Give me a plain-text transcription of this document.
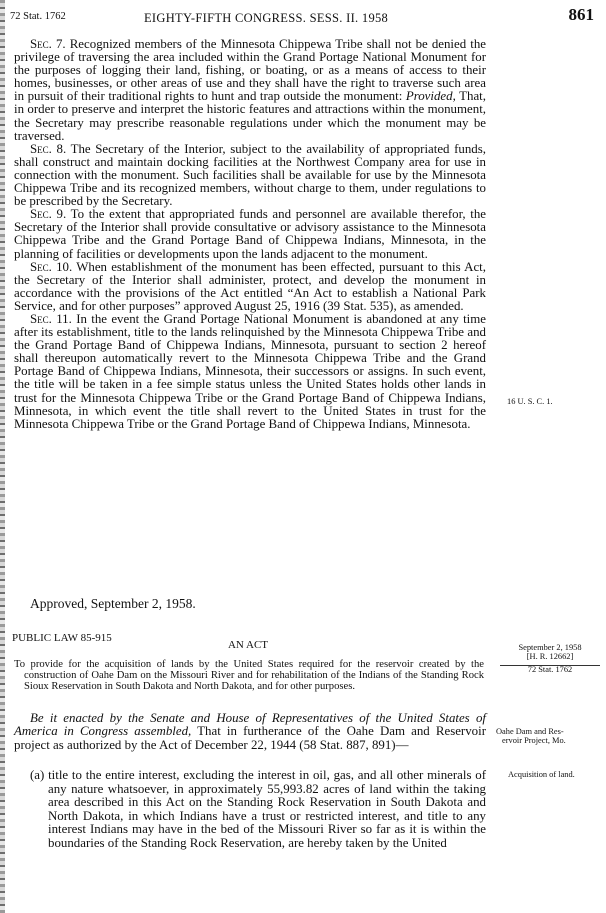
72 Stat. 1762	EIGHTY-FIFTH CONGRESS. SESS. II. 1958	861

Sec. 7. Recognized members of the Minnesota Chippewa Tribe shall not be denied the privilege of traversing the area included within the Grand Portage National Monument for the purposes of logging their land, fishing, or boating, or as a means of access to their homes, businesses, or other areas of use and they shall have the right to traverse such area in pursuit of their traditional rights to hunt and trap outside the monument: Provided, That, in order to preserve and interpret the historic features and attractions within the monument, the Secretary may prescribe reasonable regulations under which the monument may be traversed.

Sec. 8. The Secretary of the Interior, subject to the availability of appropriated funds, shall construct and maintain docking facilities at the Northwest Company area for use in connection with the monument. Such facilities shall be available for use by the Minnesota Chippewa Tribe and its recognized members, without charge to them, under regulations to be prescribed by the Secretary.

Sec. 9. To the extent that appropriated funds and personnel are available therefor, the Secretary of the Interior shall provide consultative or advisory assistance to the Minnesota Chippewa Tribe and the Grand Portage Band of Chippewa Indians, Minnesota, in the planning of facilities or developments upon the lands adjacent to the monument.

Sec. 10. When establishment of the monument has been effected, pursuant to this Act, the Secretary of the Interior shall administer, protect, and develop the monument in accordance with the provisions of the Act entitled “An Act to establish a National Park Service, and for other purposes” approved August 25, 1916 (39 Stat. 535), as amended.

Sec. 11. In the event the Grand Portage National Monument is abandoned at any time after its establishment, title to the lands relinquished by the Minnesota Chippewa Tribe and the Grand Portage Band of Chippewa Indians, Minnesota, pursuant to section 2 hereof shall thereupon automatically revert to the Minnesota Chippewa Tribe and the Grand Portage Band of Chippewa Indians, Minnesota, their successors or assigns. In such event, the title will be taken in a fee simple status unless the United States holds other lands in trust for the Minnesota Chippewa Tribe or the Grand Portage Band of Chippewa Indians, Minnesota, in which event the title shall revert to the United States in trust for the Minnesota Chippewa Tribe or the Grand Portage Band of Chippewa Indians, Minnesota.

Approved, September 2, 1958.
PUBLIC LAW 85-915
AN ACT

To provide for the acquisition of lands by the United States required for the reservoir created by the construction of Oahe Dam on the Missouri River and for rehabilitation of the Indians of the Standing Rock Sioux Reservation in South Dakota and North Dakota, and for other purposes.

Be it enacted by the Senate and House of Representatives of the United States of America in Congress assembled, That in furtherance of the Oahe Dam and Reservoir project as authorized by the Act of December 22, 1944 (58 Stat. 887, 891)—

(a) title to the entire interest, excluding the interest in oil, gas, and all other minerals of any nature whatsoever, in approximately 55,993.82 acres of land within the taking area described in this Act on the Standing Rock Reservation in South Dakota and North Dakota, in which Indians have a trust or restricted interest, and title to any interest Indians may have in the bed of the Missouri River so far as it is within the boundaries of the Standing Rock Reservation, are hereby taken by the United

16 U. S. C. 1.
September 2, 1958
[H. R. 12662]
72 Stat. 1762
Oahe Dam and Res-
ervoir Project, Mo.
Acquisition of land.
